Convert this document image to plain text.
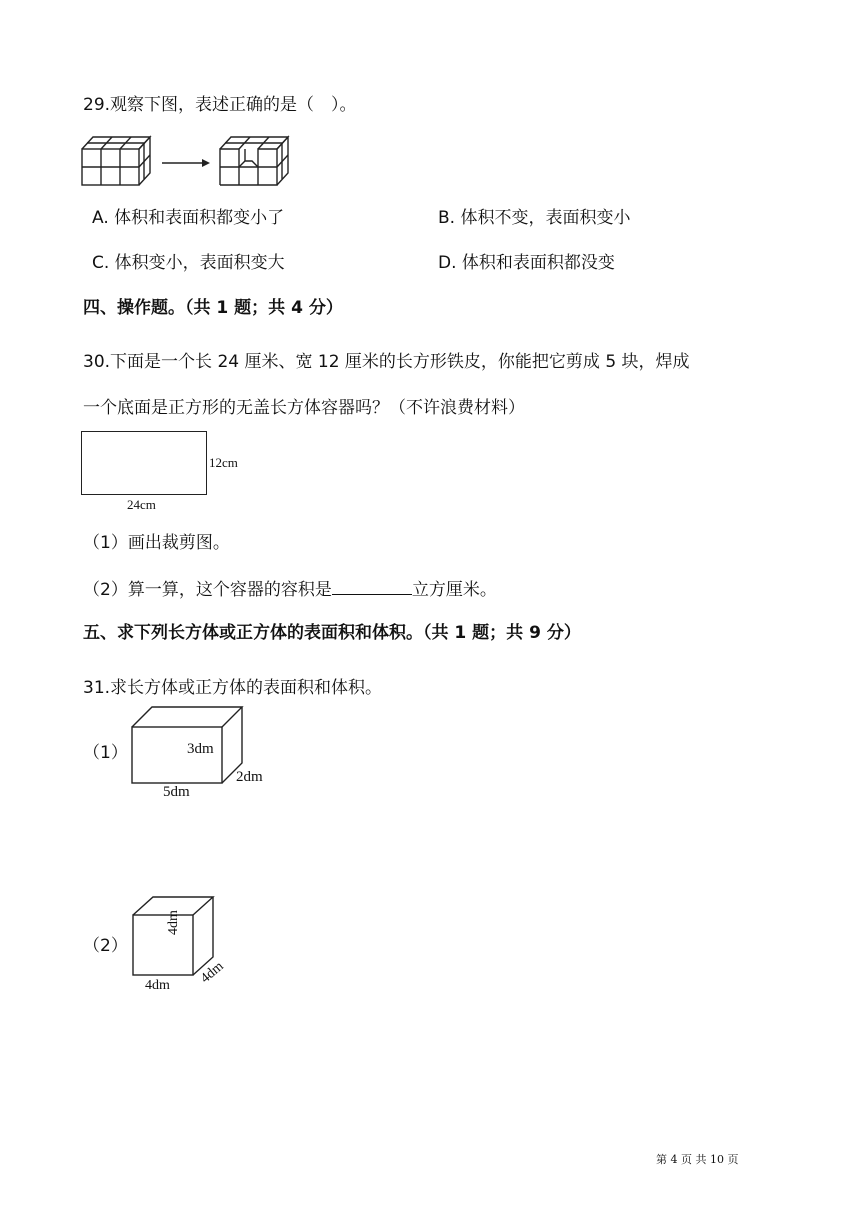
29.观察下图，表述正确的是（　）。
A. 体积和表面积都变小了	B. 体积不变，表面积变小
C. 体积变小，表面积变大	D. 体积和表面积都没变
四、操作题。（共 1 题；共 4 分）
30.下面是一个长 24 厘米、宽 12 厘米的长方形铁皮，你能把它剪成 5 块，焊成
一个底面是正方形的无盖长方体容器吗？（不许浪费材料）
12cm
24cm
（1）画出裁剪图。
（2）算一算，这个容器的容积是	立方厘米。
五、求下列长方体或正方体的表面积和体积。（共 1 题；共 9 分）
31.求长方体或正方体的表面积和体积。
（1）	3dm
2dm
5dm
（2）
4dm
4dm
4dm
第 4 页 共 10 页
